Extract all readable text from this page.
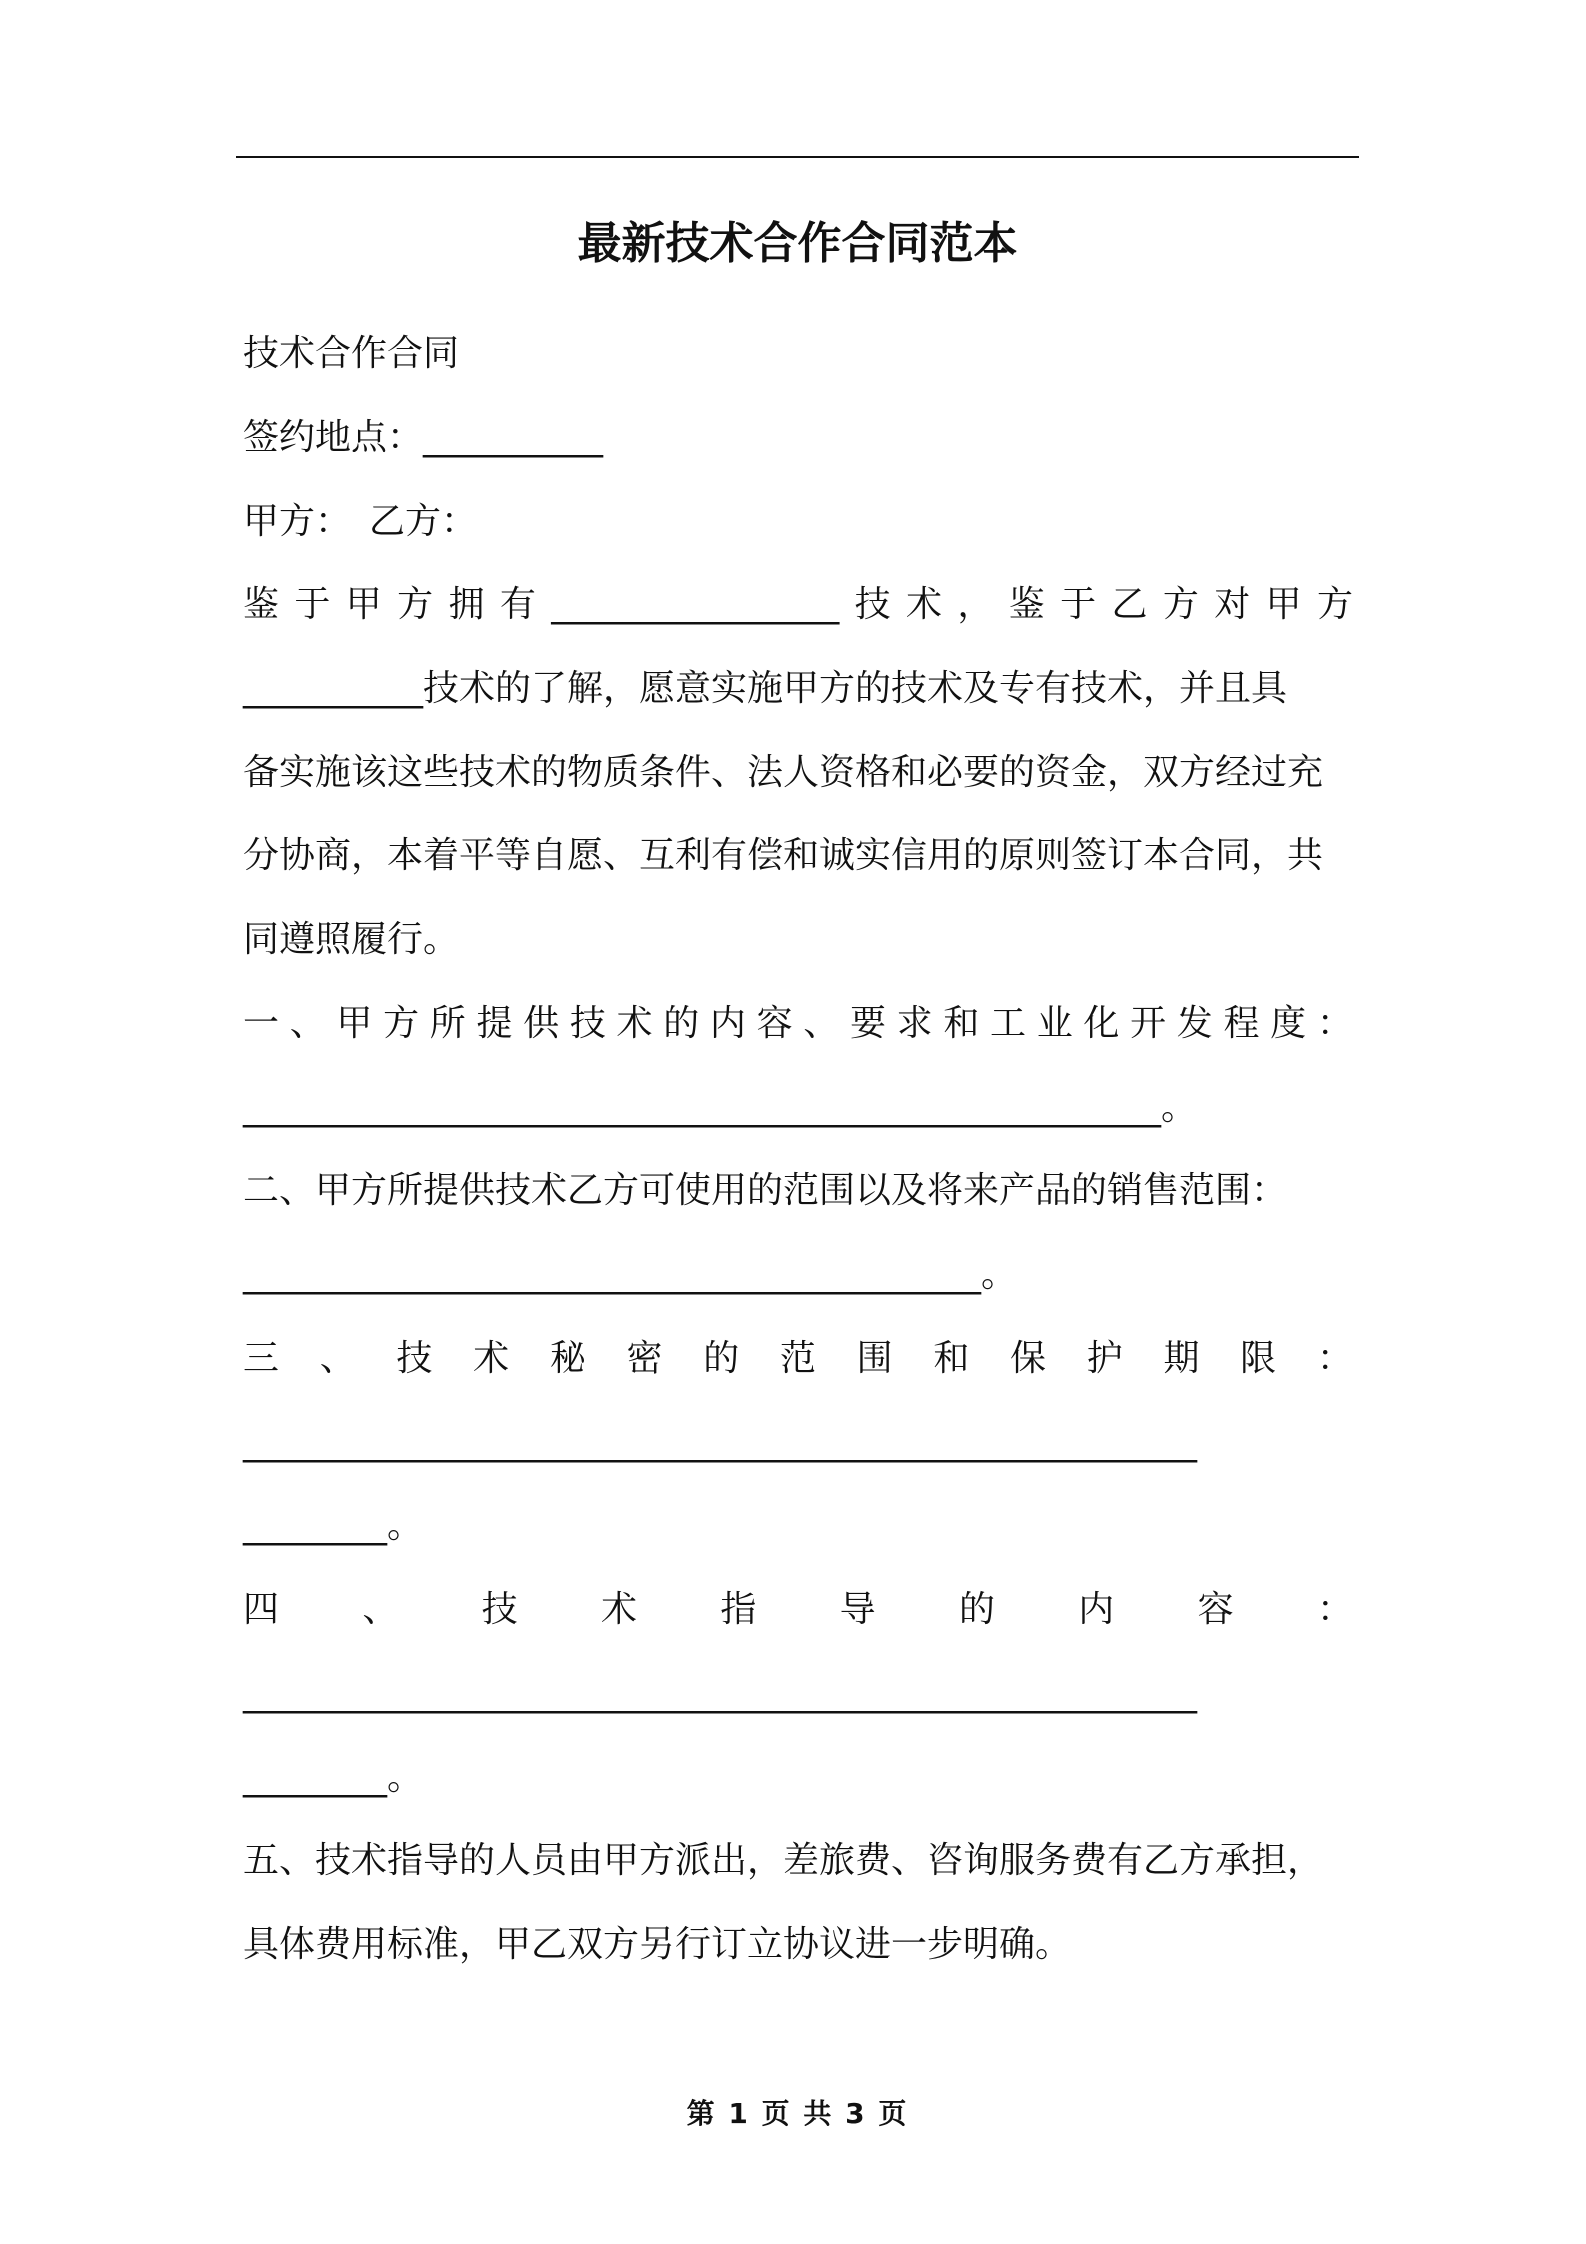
最新技术合作合同范本
技术合作合同
签约地点：__________
甲方：　乙方：
鉴 于 甲 方 拥 有 ________________ 技 术 ， 鉴 于 乙 方 对 甲 方
__________技术的了解，愿意实施甲方的技术及专有技术，并且具
备实施该这些技术的物质条件、法人资格和必要的资金，双方经过充
分协商，本着平等自愿、互利有偿和诚实信用的原则签订本合同，共
同遵照履行。
一 、 甲 方 所 提 供 技 术 的 内 容 、 要 求 和 工 业 化 开 发 程 度 ：
___________________________________________________。
二、甲方所提供技术乙方可使用的范围以及将来产品的销售范围：
_________________________________________。
三 、 技 术 秘 密 的 范 围 和 保 护 期 限 ：
_____________________________________________________
________。
四 、 技 术 指 导 的 内 容 ：
_____________________________________________________
________。
五、技术指导的人员由甲方派出，差旅费、咨询服务费有乙方承担，
具体费用标准，甲乙双方另行订立协议进一步明确。
第 1 页 共 3 页
